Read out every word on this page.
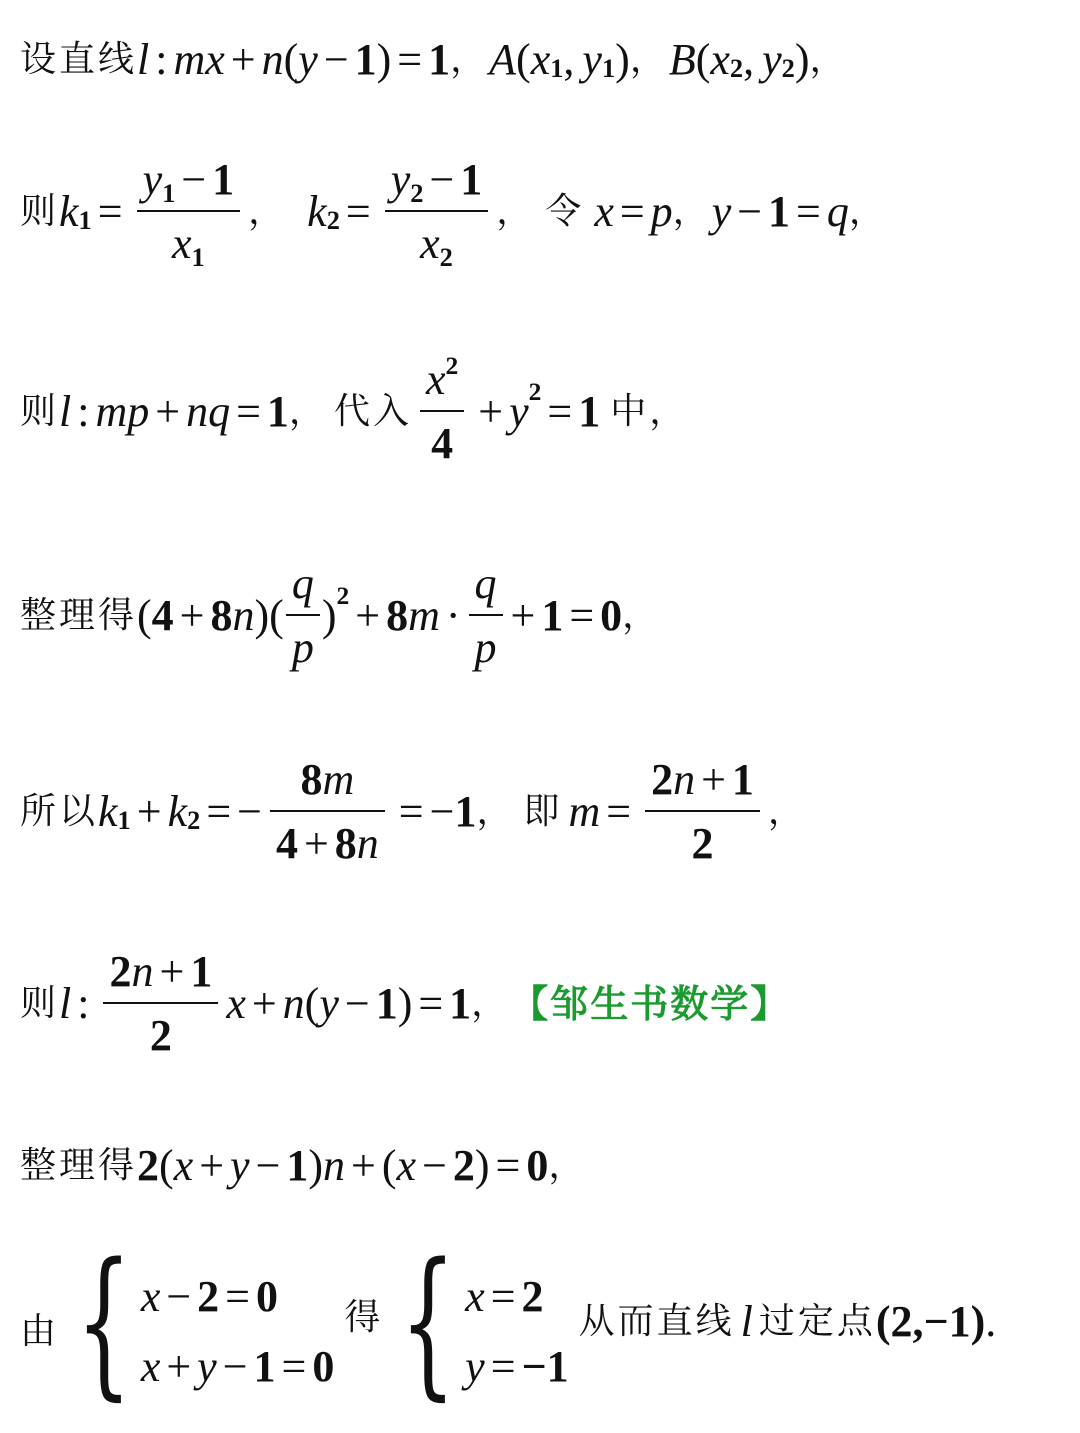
设直线 l : m x + n ( y − 1 ) = 1 ， A ( x 1 , y 1 ) ， B ( x 2 , y 2 ) ，
则 k $1 = \frac{y1 - 1}{x1}$ ， k $2 = \frac{y2 - 1}{x2}$ ， 令 x = p ， y − 1 = q ，
则 l : m p + n q = 1 ， 代入 $\frac{x^2}{4} + y$ 2 = 1 中 ，
整理得 ( 4 + 8 n ) ( $\frac{q}{p}$ ) 2 + 8 $m \cdot \frac{q}{p} + 1 = 0$ ，
所以 k 1 + k 2 = − $\frac{8m}{4 + 8n}$ = − 1 ， 即 $m = \frac{2n + 1}{2}$ ，
则 l : $\frac{2n + 1}{2}$ x + n ( y − 1 ) = 1 ， 【邹生书数学】
整理得 2 ( x + y − 1 ) n + ( x − 2 ) = 0 ，
由 { x − 2 = 0
x + y − 1 = 0
得 { x = 2
y = −1
从而直线 l 过定点 (2,−1) .
